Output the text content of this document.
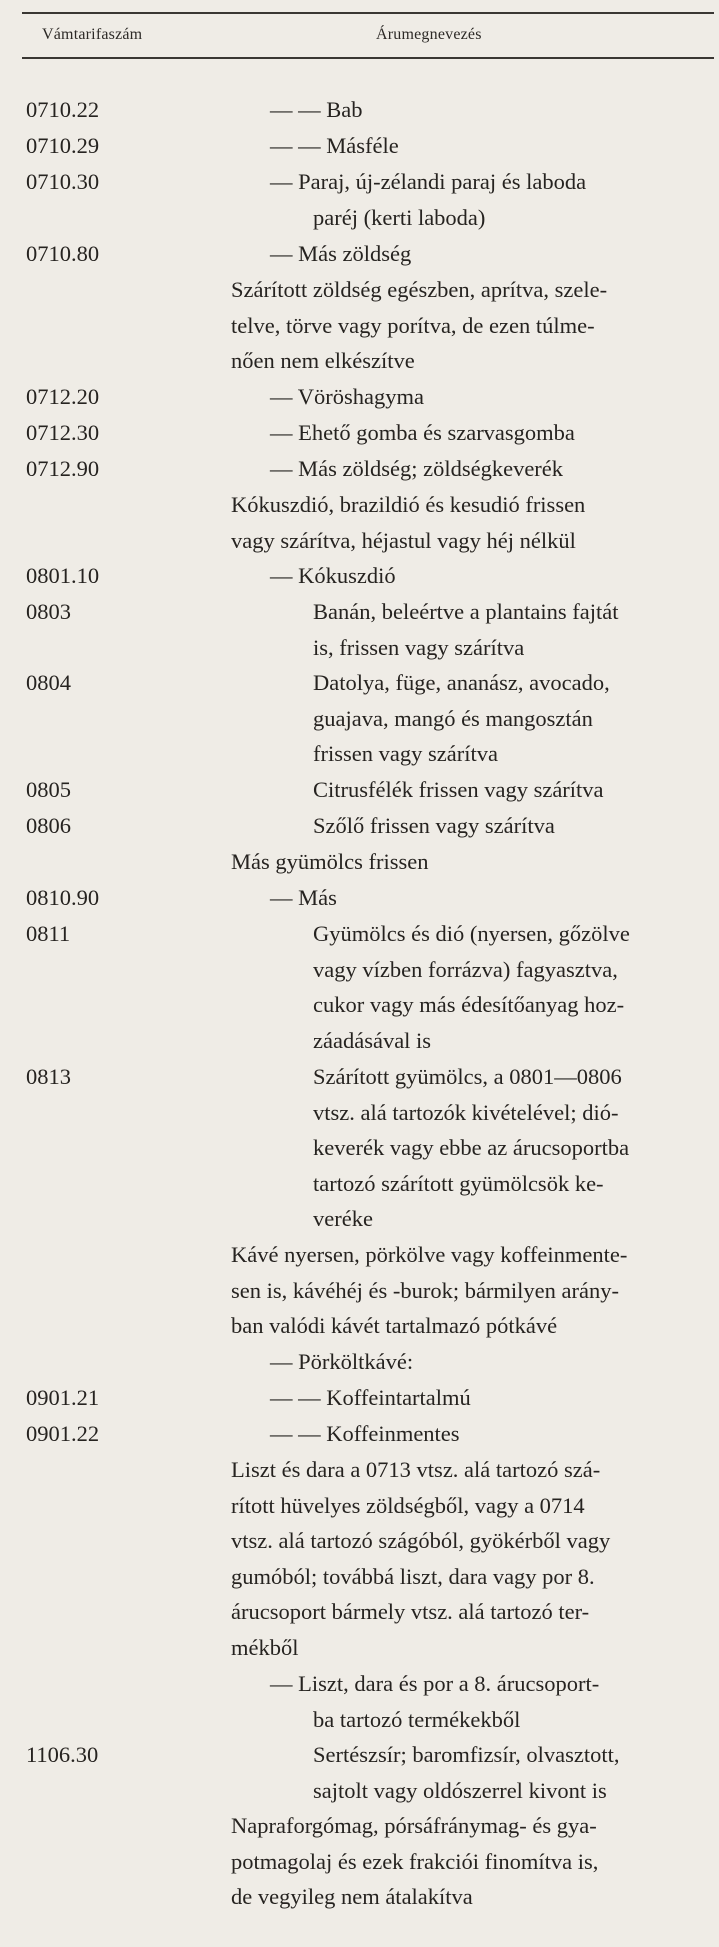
Vámtarifaszám	Árumegnevezés
0710.22	— — Bab
0710.29	— — Másféle
0710.30	— Paraj, új-zélandi paraj és laboda
paréj (kerti laboda)
0710.80	— Más zöldség
Szárított zöldség egészben, aprítva, szele-
telve, törve vagy porítva, de ezen túlme-
nően nem elkészítve
0712.20	— Vöröshagyma
0712.30	— Ehető gomba és szarvasgomba
0712.90	— Más zöldség; zöldségkeverék
Kókuszdió, brazildió és kesudió frissen
vagy szárítva, héjastul vagy héj nélkül
0801.10	— Kókuszdió
0803	Banán, beleértve a plantains fajtát
is, frissen vagy szárítva
0804	Datolya, füge, ananász, avocado,
guajava, mangó és mangosztán
frissen vagy szárítva
0805	Citrusfélék frissen vagy szárítva
0806	Szőlő frissen vagy szárítva
Más gyümölcs frissen
0810.90	— Más
0811	Gyümölcs és dió (nyersen, gőzölve
vagy vízben forrázva) fagyasztva,
cukor vagy más édesítőanyag hoz-
záadásával is
0813	Szárított gyümölcs, a 0801—0806
vtsz. alá tartozók kivételével; dió-
keverék vagy ebbe az árucsoportba
tartozó szárított gyümölcsök ke-
veréke
Kávé nyersen, pörkölve vagy koffeinmente-
sen is, kávéhéj és -burok; bármilyen arány-
ban valódi kávét tartalmazó pótkávé
— Pörköltkávé:
0901.21	— — Koffeintartalmú
0901.22	— — Koffeinmentes
Liszt és dara a 0713 vtsz. alá tartozó szá-
rított hüvelyes zöldségből, vagy a 0714
vtsz. alá tartozó szágóból, gyökérből vagy
gumóból; továbbá liszt, dara vagy por 8.
árucsoport bármely vtsz. alá tartozó ter-
mékből
— Liszt, dara és por a 8. árucsoport-
ba tartozó termékekből
1106.30	Sertészsír; baromfizsír, olvasztott,
sajtolt vagy oldószerrel kivont is
Napraforgómag, pórsáfránymag- és gya-
potmagolaj és ezek frakciói finomítva is,
de vegyileg nem átalakítva
